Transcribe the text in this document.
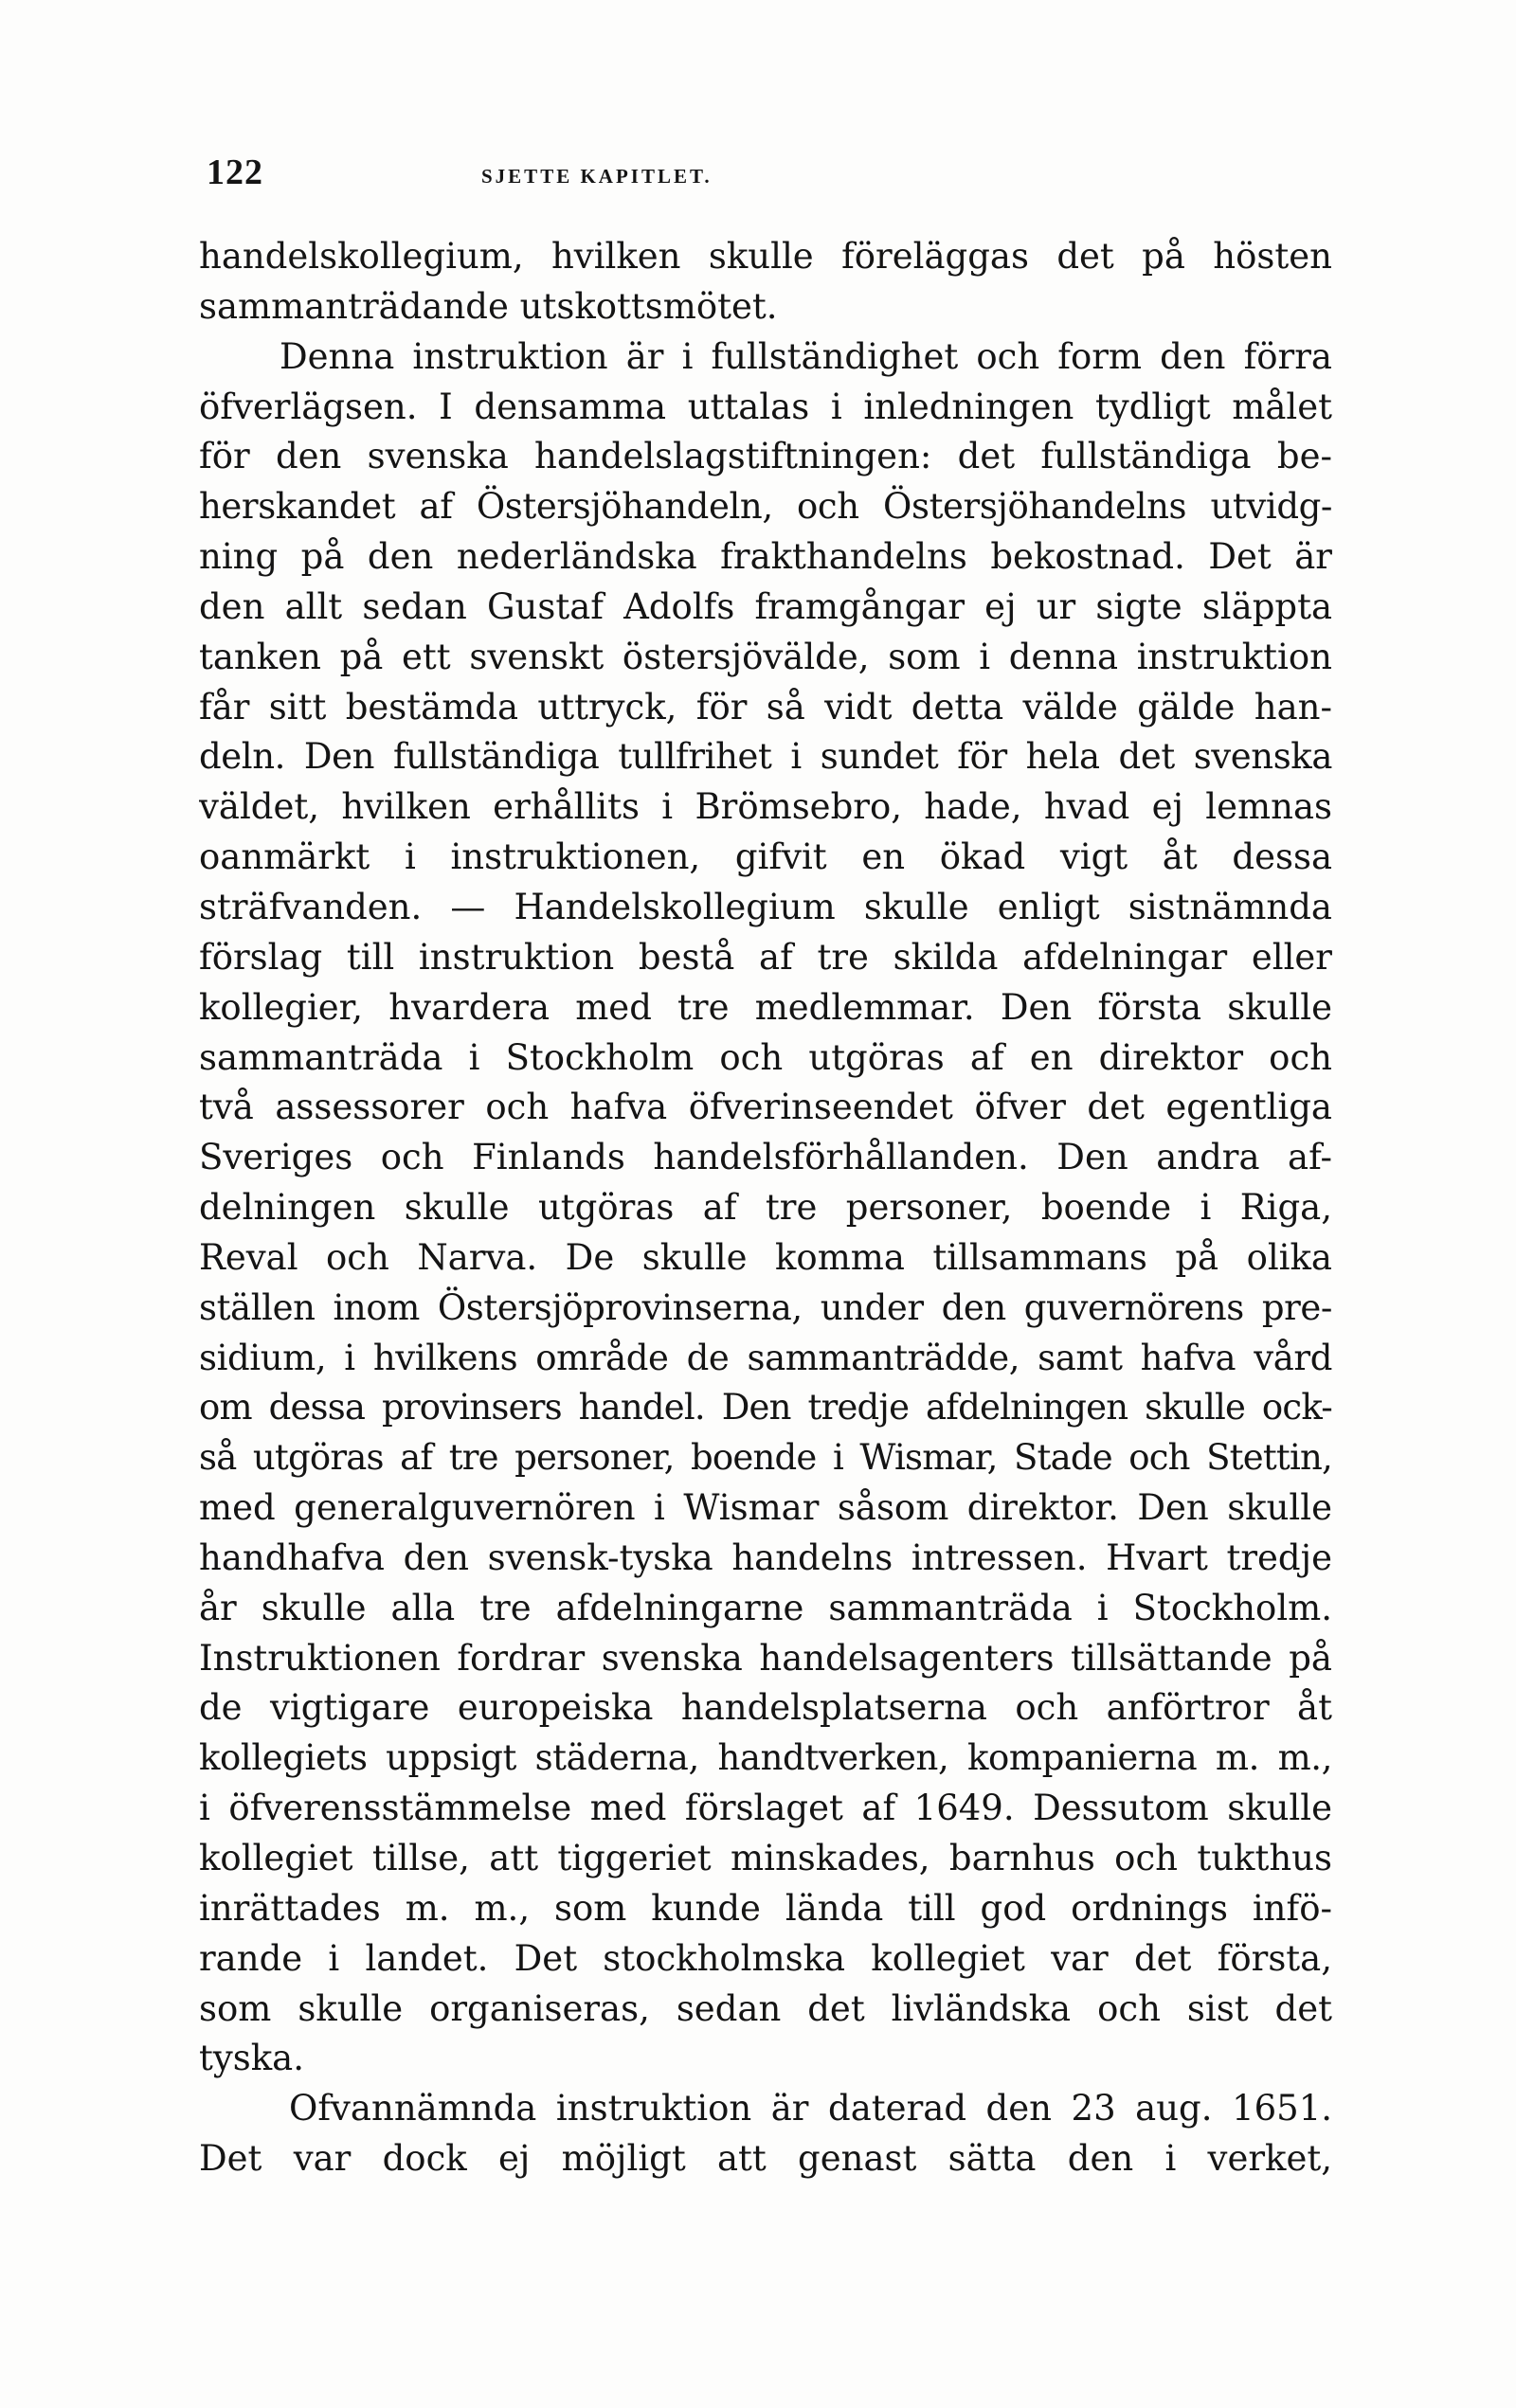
122	SJETTE KAPITLET.
handelskollegium, hvilken skulle föreläggas det på hösten
sammanträdande utskottsmötet.
Denna instruktion är i fullständighet och form den förra
öfverlägsen. I densamma uttalas i inledningen tydligt målet
för den svenska handelslagstiftningen: det fullständiga be-
herskandet af Östersjöhandeln, och Östersjöhandelns utvidg-
ning på den nederländska frakthandelns bekostnad. Det är
den allt sedan Gustaf Adolfs framgångar ej ur sigte släppta
tanken på ett svenskt östersjövälde, som i denna instruktion
får sitt bestämda uttryck, för så vidt detta välde gälde han-
deln. Den fullständiga tullfrihet i sundet för hela det svenska
väldet, hvilken erhållits i Brömsebro, hade, hvad ej lemnas
oanmärkt i instruktionen, gifvit en ökad vigt åt dessa
sträfvanden. — Handelskollegium skulle enligt sistnämnda
förslag till instruktion bestå af tre skilda afdelningar eller
kollegier, hvardera med tre medlemmar. Den första skulle
sammanträda i Stockholm och utgöras af en direktor och
två assessorer och hafva öfverinseendet öfver det egentliga
Sveriges och Finlands handelsförhållanden. Den andra af-
delningen skulle utgöras af tre personer, boende i Riga,
Reval och Narva. De skulle komma tillsammans på olika
ställen inom Östersjöprovinserna, under den guvernörens pre-
sidium, i hvilkens område de sammanträdde, samt hafva vård
om dessa provinsers handel. Den tredje afdelningen skulle ock-
så utgöras af tre personer, boende i Wismar, Stade och Stettin,
med generalguvernören i Wismar såsom direktor. Den skulle
handhafva den svensk-tyska handelns intressen. Hvart tredje
år skulle alla tre afdelningarne sammanträda i Stockholm.
Instruktionen fordrar svenska handelsagenters tillsättande på
de vigtigare europeiska handelsplatserna och anförtror åt
kollegiets uppsigt städerna, handtverken, kompanierna m. m.,
i öfverensstämmelse med förslaget af 1649. Dessutom skulle
kollegiet tillse, att tiggeriet minskades, barnhus och tukthus
inrättades m. m., som kunde lända till god ordnings infö-
rande i landet. Det stockholmska kollegiet var det första,
som skulle organiseras, sedan det livländska och sist det
tyska.
Ofvannämnda instruktion är daterad den 23 aug. 1651.
Det var dock ej möjligt att genast sätta den i verket,
